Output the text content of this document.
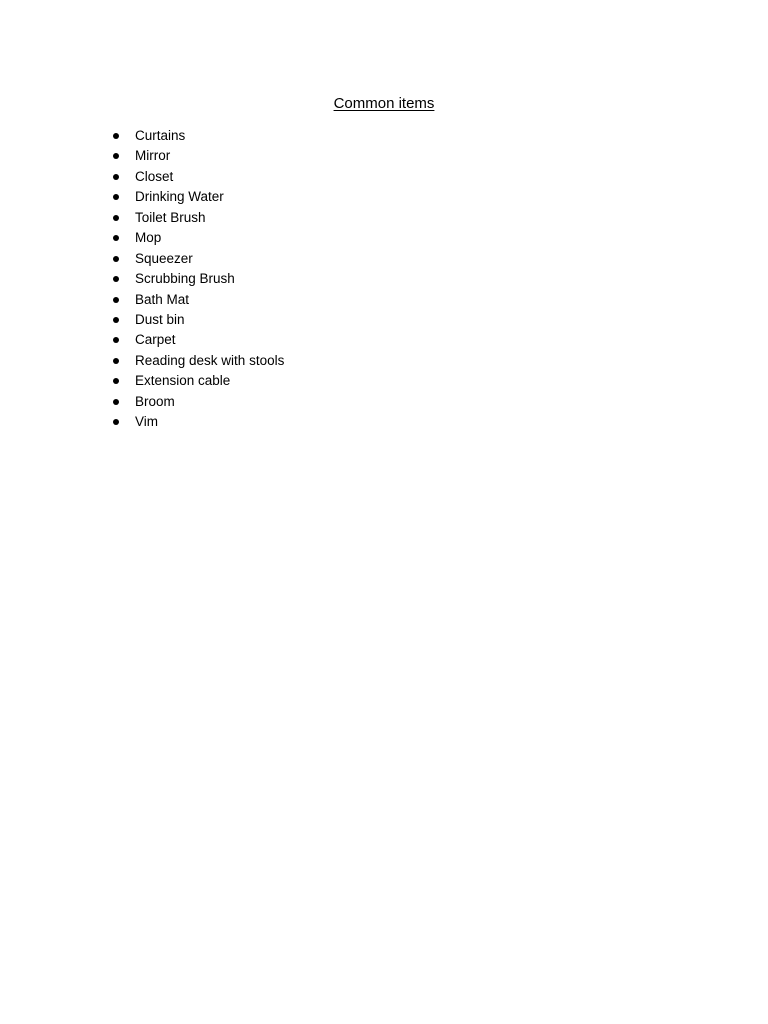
Common items
Curtains
Mirror
Closet
Drinking Water
Toilet Brush
Mop
Squeezer
Scrubbing Brush
Bath Mat
Dust bin
Carpet
Reading desk with stools
Extension cable
Broom
Vim
